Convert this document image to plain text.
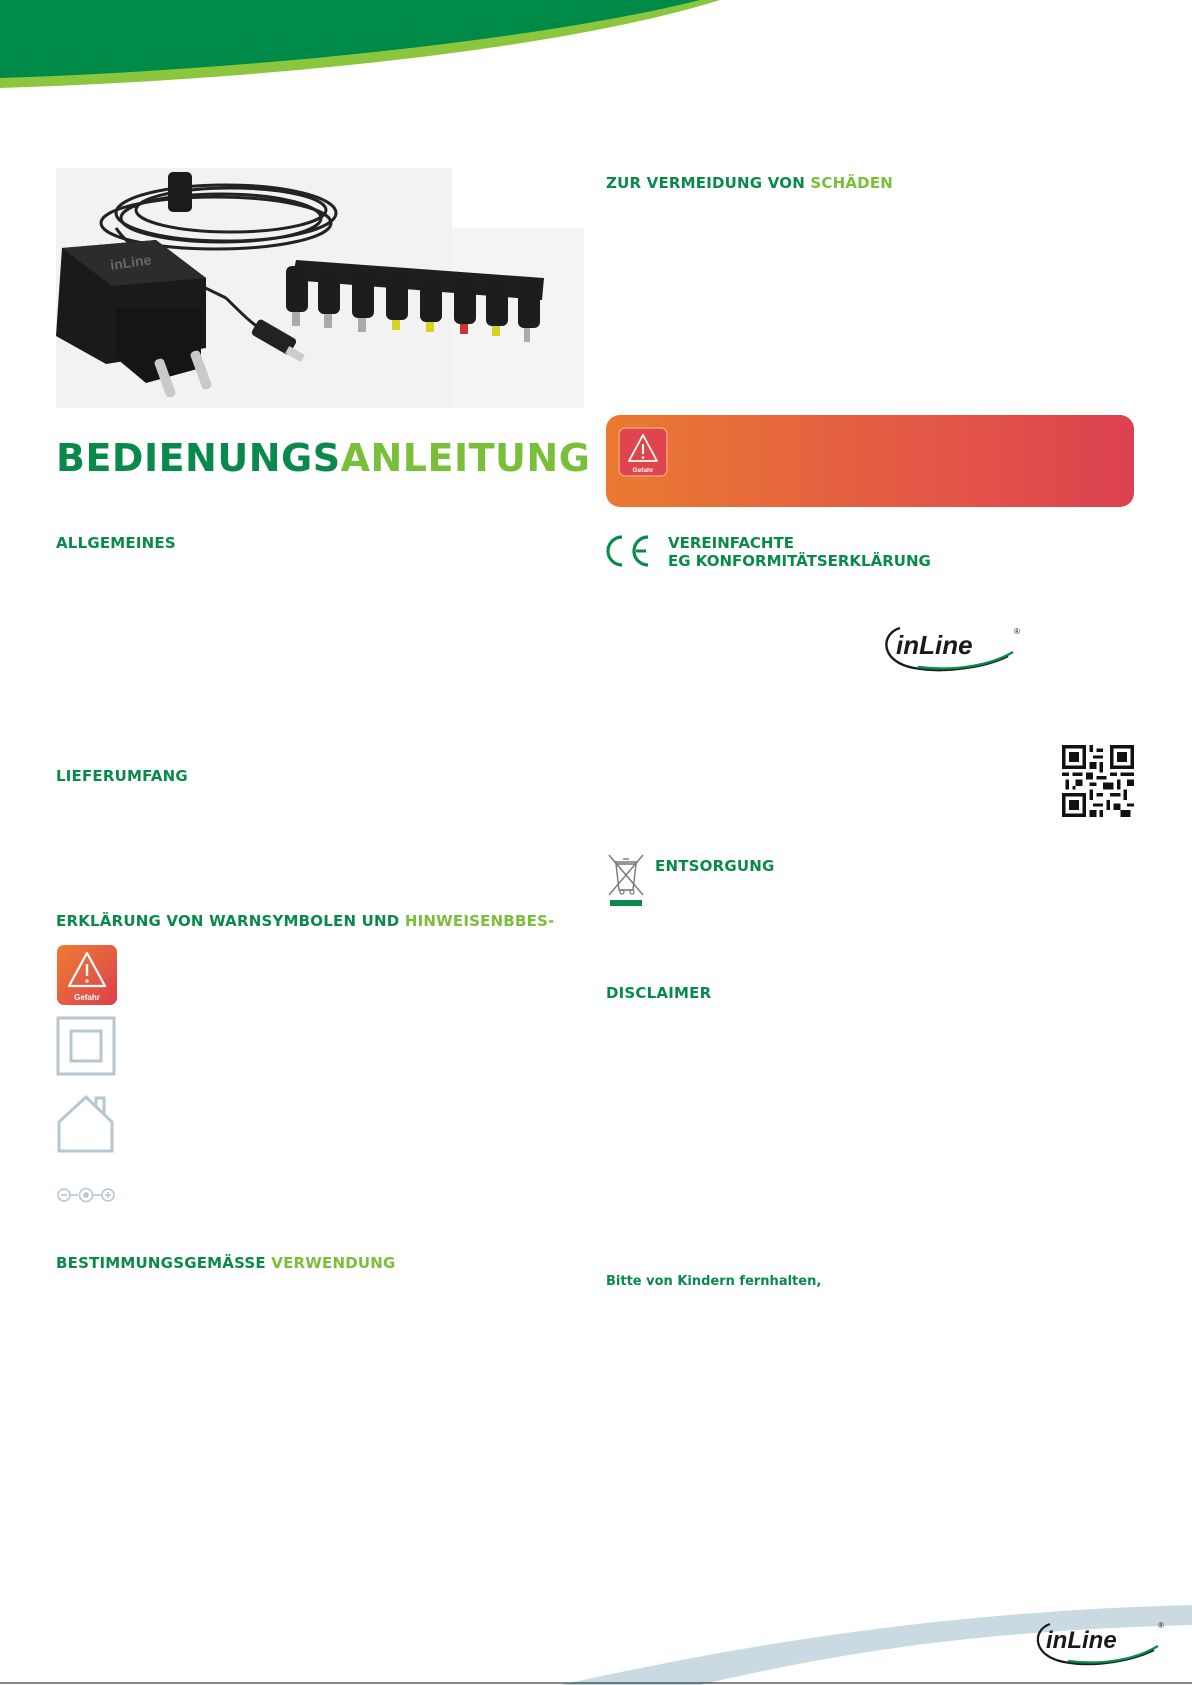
inLine
BEDIENUNGSANLEITUNG
ALLGEMEINES
LIEFERUMFANG
ERKLÄRUNG VON WARNSYMBOLEN UND HINWEISENBBES-
Gefahr
BESTIMMUNGSGEMÄSSE VERWENDUNG
ZUR VERMEIDUNG VON SCHÄDEN
Gefahr
VEREINFACHTE
EG KONFORMITÄTSERKLÄRUNG
inLine	®
ENTSORGUNG
DISCLAIMER
Bitte von Kindern fernhalten,
inLine
®
